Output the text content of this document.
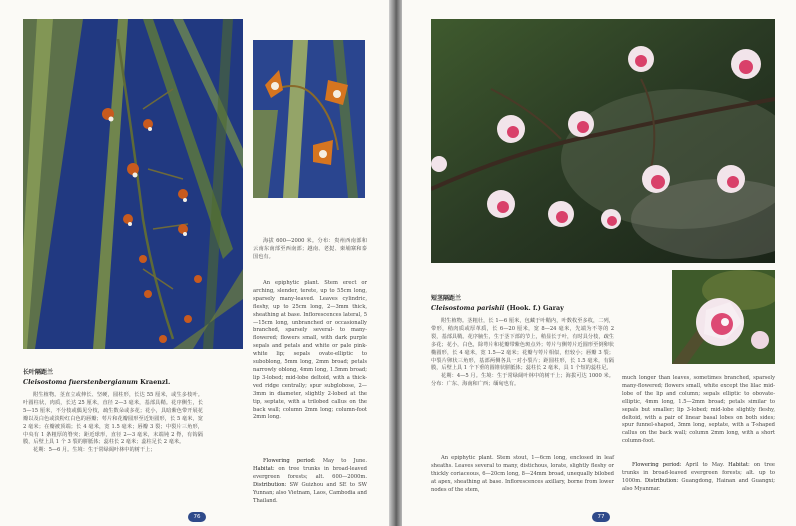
长叶隔距兰
Cleisostoma fuerstenbergianum Kraenzl.

附生植物。茎直立或伸长、坚硬，圆柱形，长达 55 厘米，或生多枝叶。叶圆柱状，肉质，长达 25 厘米，直径 2—3 毫米，基部具鞘。花序侧生，长 5—15 厘米，不分枝或偶见分枝，疏生数朵或多花；花小，具暗紫色带开展花瓣以及白色或淡粉红白色的唇瓣；萼片和花瓣圆形至近矩圆形，长 5 毫米，宽 2 毫米；在瓣被顶端；长 4 毫米，宽 1.5 毫米；唇瓣 3 裂；中裂片三角形，中央有 1 条粗厚的脊突；距近球形，直径 2—3 毫米，末端钝 2 脊，有钩隔膜，后壁上具 1 个 3 裂的胼胝体；蕊柱长 2 毫米；蕊柱足长 2 毫米。

花期：5—6 月。生境：生于常绿阔叶林中的树干上；

海拔 600—2000 米。分布：贵州西南部和云南东南部至西南部；越南、老挝、柬埔寨和泰国也有。

An epiphytic plant. Stem erect or arching, slender, terete, up to 55cm long, sparsely many-leaved. Leaves cylindric, fleshy, up to 25cm long, 2—3mm thick, sheathing at base. Inflorescences lateral, 5—15cm long, unbranched or occasionally branched, sparsely several- to many-flowered; flowers small, with dark purple sepals and petals and white or pale pink-white lip; sepals ovate-elliptic to suboblong, 5mm long, 2mm broad; petals narrowly oblong, 4mm long, 1.5mm broad; lip 3-lobed; mid-lobe deltoid, with a thick-ved ridge centrally; spur subglobose, 2—3mm in diameter, slightly 2-lobed at the tip, septate, with a trilobed callus on the back wall; column 2mm long; column-foot 2mm long.

Flowering period: May to June. Habitat: on tree trunks in broad-leaved evergreen forests; alt. 600—2000m. Distribution: SW Guizhou and SE to SW Yunnan; also Vietnam, Laos, Cambodia and Thailand.

76
短茎隔距兰
Cleisostoma parishii (Hook. f.) Garay

附生植物。茎粗壮，长 1—6 厘米，包藏于叶鞘内，叶数枚至多枚，二列，带形，稍肉质或厚革质，长 6—20 厘米，宽 8—24 毫米，先端为不等的 2 裂，基部具鞘。花序腋生，生于茎下部的节上，稍显长于叶，有时具分枝，疏生多花；花小，白色，除萼片和花瓣带紫色斑点外；萼片与侧萼片近圆形至倒卵状椭圆形，长 4 毫米，宽 1.5—2 毫米；花瓣与萼片相似，但较小；唇瓣 3 裂；中裂片卵状三角形，基部两侧各具一对小裂片；距圆柱形，长 1.5 毫米，有隔膜，后壁上具 1 个下垂的圆锥状胼胝体；蕊柱长 2 毫米，具 1 个短的蕊柱足。

花期：4—5 月。生境：生于常绿阔叶林中的树干上；海拔可达 1000 米。分布：广东、海南和广西；缅甸也有。

An epiphytic plant. Stem stout, 1—6cm long, enclosed in leaf sheaths. Leaves several to many, distichous, lorate, slightly fleshy or thickly coriaceous, 6—20cm long, 8—24mm broad, unequally bilobed at apex, sheathing at base. Inflorescences axillary, borne from lower nodes of the stem,

much longer than leaves, sometimes branched, sparsely many-flowered; flowers small, white except the lilac mid-lobe of the lip and column; sepals elliptic to obovate-elliptic, 4mm long, 1.5—2mm broad; petals similar to sepals but smaller; lip 3-lobed; mid-lobe slightly fleshy, deltoid, with a pair of linear basal lobes on both sides; spur funnel-shaped, 3mm long, septate, with a T-shaped callus on the back wall; column 2mm long, with a short column-foot.

Flowering period: April to May. Habitat: on tree trunks in broad-leaved evergreen forests; alt. up to 1000m. Distribution: Guangdong, Hainan and Guangxi; also Myanmar.

77
